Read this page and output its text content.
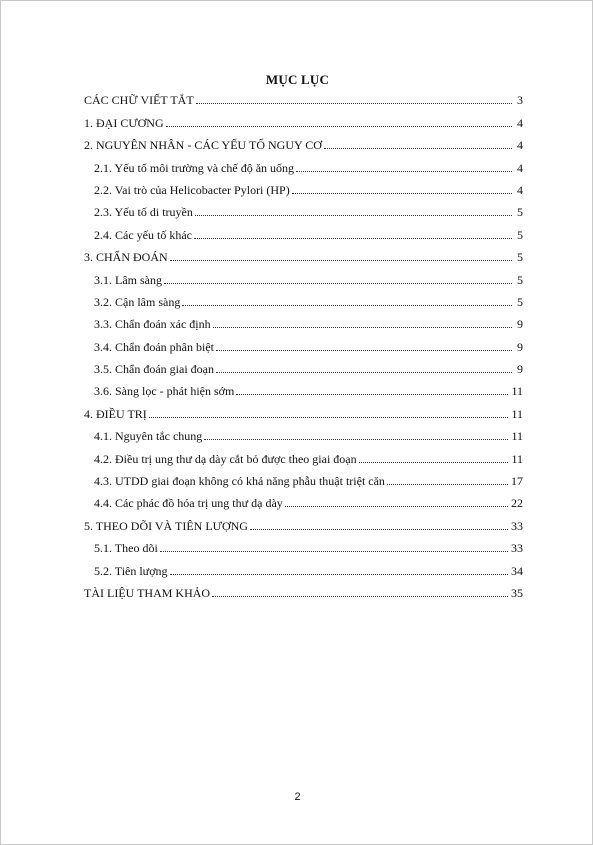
MỤC LỤC
CÁC CHỮ VIẾT TẮT	3
1. ĐẠI CƯƠNG	4
2. NGUYÊN NHÂN - CÁC YẾU TỐ NGUY CƠ	4
2.1. Yếu tố môi trường và chế độ ăn uống	4
2.2. Vai trò của Helicobacter Pylori (HP)	4
2.3. Yếu tố di truyền	5
2.4. Các yếu tố khác	5
3. CHẨN ĐOÁN	5
3.1. Lâm sàng	5
3.2. Cận lâm sàng	5
3.3. Chẩn đoán xác định	9
3.4. Chẩn đoán phân biệt	9
3.5. Chẩn đoán giai đoạn	9
3.6. Sàng lọc - phát hiện sớm	11
4. ĐIỀU TRỊ	11
4.1. Nguyên tắc chung	11
4.2. Điều trị ung thư dạ dày cắt bỏ được theo giai đoạn	11
4.3. UTDD giai đoạn không có khả năng phẫu thuật triệt căn	17
4.4. Các phác đồ hóa trị ung thư dạ dày	22
5. THEO DÕI VÀ TIÊN LƯỢNG	33
5.1. Theo dõi	33
5.2. Tiên lượng	34
TÀI LIỆU THAM KHẢO	35
2
